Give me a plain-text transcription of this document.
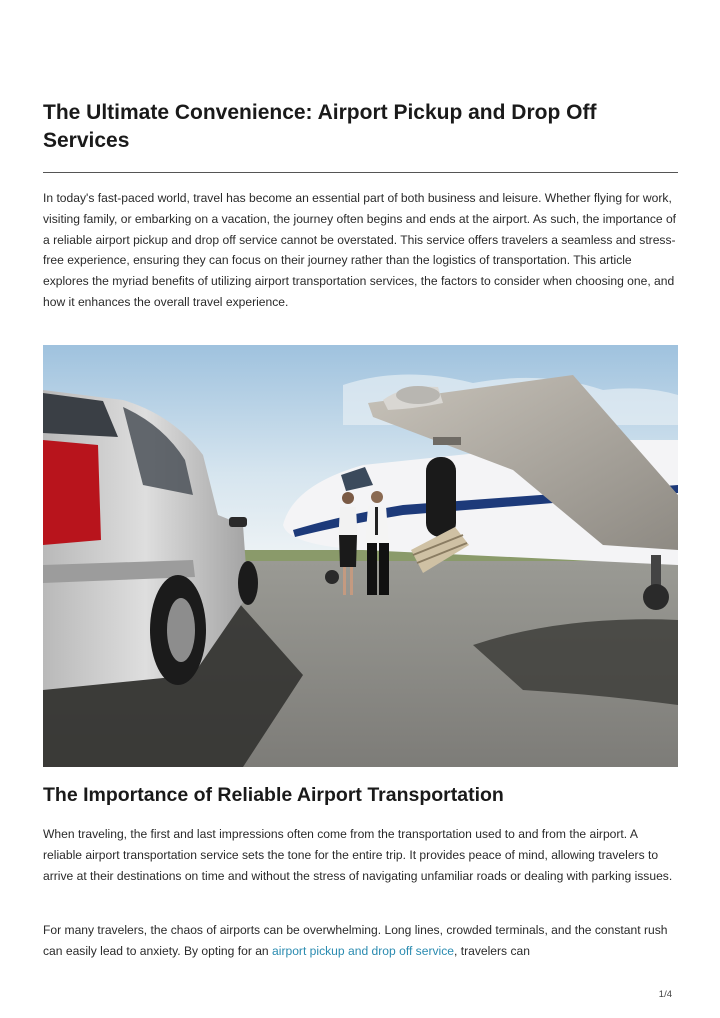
The Ultimate Convenience: Airport Pickup and Drop Off Services

In today's fast-paced world, travel has become an essential part of both business and leisure. Whether flying for work, visiting family, or embarking on a vacation, the journey often begins and ends at the airport. As such, the importance of a reliable airport pickup and drop off service cannot be overstated. This service offers travelers a seamless and stress-free experience, ensuring they can focus on their journey rather than the logistics of transportation. This article explores the myriad benefits of utilizing airport transportation services, the factors to consider when choosing one, and how it enhances the overall travel experience.

The Importance of Reliable Airport Transportation

When traveling, the first and last impressions often come from the transportation used to and from the airport. A reliable airport transportation service sets the tone for the entire trip. It provides peace of mind, allowing travelers to arrive at their destinations on time and without the stress of navigating unfamiliar roads or dealing with parking issues.

For many travelers, the chaos of airports can be overwhelming. Long lines, crowded terminals, and the constant rush can easily lead to anxiety. By opting for an airport pickup and drop off service, travelers can

1/4
